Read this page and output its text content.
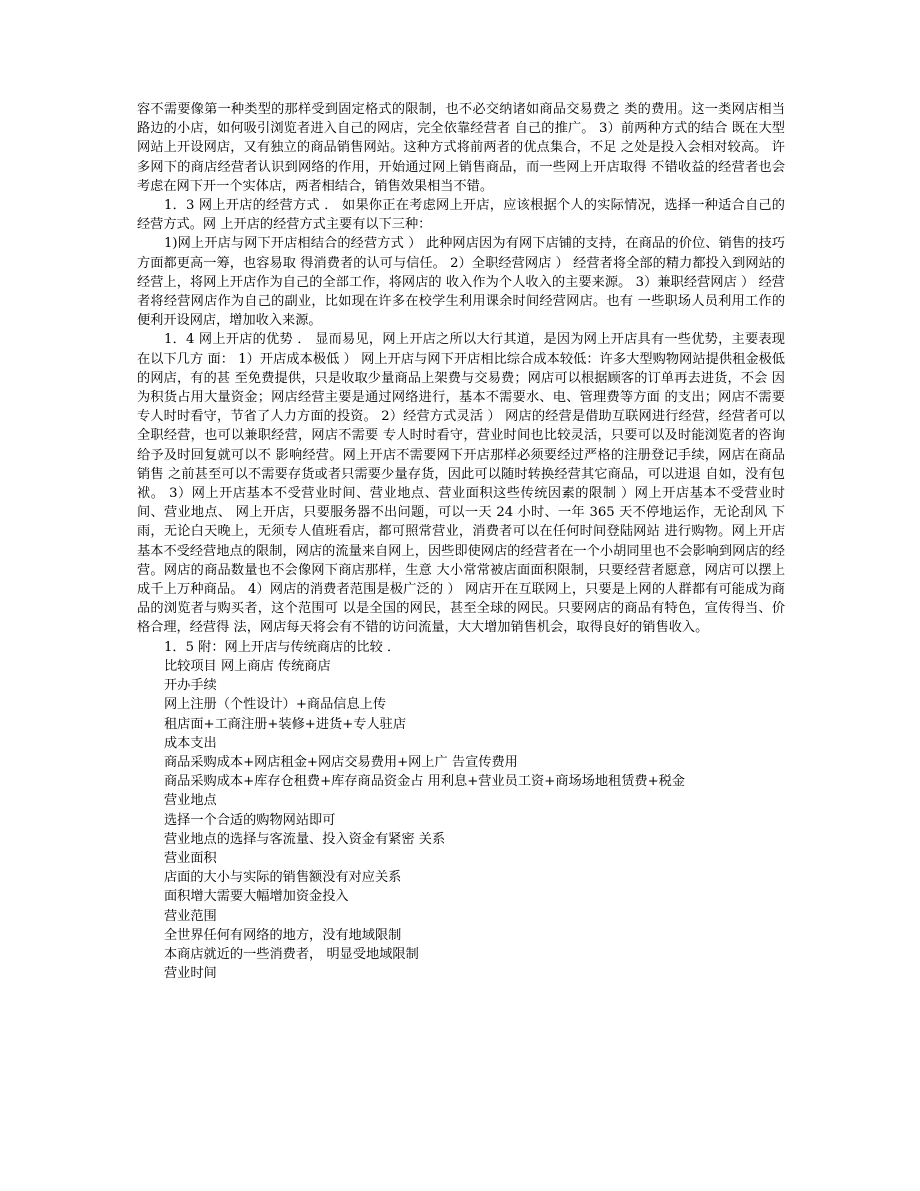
容不需要像第一种类型的那样受到固定格式的限制，也不必交纳诸如商品交易费之 类的费用。这一类网店相当路边的小店，如何吸引浏览者进入自己的网店，完全依靠经营者 自己的推广。 3）前两种方式的结合 既在大型网站上开设网店，又有独立的商品销售网站。这种方式将前两者的优点集合，不足 之处是投入会相对较高。 许多网下的商店经营者认识到网络的作用，开始通过网上销售商品，而一些网上开店取得 不错收益的经营者也会考虑在网下开一个实体店，两者相结合，销售效果相当不错。

1．3 网上开店的经营方式 ． 如果你正在考虑网上开店，应该根据个人的实际情况，选择一种适合自己的经营方式。网 上开店的经营方式主要有以下三种：

1)网上开店与网下开店相结合的经营方式 ） 此种网店因为有网下店铺的支持，在商品的价位、销售的技巧方面都更高一筹，也容易取 得消费者的认可与信任。 2）全职经营网店 ） 经营者将全部的精力都投入到网站的经营上，将网上开店作为自己的全部工作，将网店的 收入作为个人收入的主要来源。 3）兼职经营网店 ） 经营者将经营网店作为自己的副业，比如现在许多在校学生利用课余时间经营网店。也有 一些职场人员利用工作的便利开设网店，增加收入来源。

1．4 网上开店的优势 ． 显而易见，网上开店之所以大行其道，是因为网上开店具有一些优势，主要表现在以下几方 面： 1）开店成本极低 ） 网上开店与网下开店相比综合成本较低：许多大型购物网站提供租金极低的网店，有的甚 至免费提供，只是收取少量商品上架费与交易费；网店可以根据顾客的订单再去进货，不会 因为积货占用大量资金；网店经营主要是通过网络进行，基本不需要水、电、管理费等方面 的支出；网店不需要专人时时看守，节省了人力方面的投资。 2）经营方式灵活 ） 网店的经营是借助互联网进行经营，经营者可以全职经营，也可以兼职经营，网店不需要 专人时时看守，营业时间也比较灵活，只要可以及时能浏览者的咨询给予及时回复就可以不 影响经营。网上开店不需要网下开店那样必须要经过严格的注册登记手续，网店在商品销售 之前甚至可以不需要存货或者只需要少量存货，因此可以随时转换经营其它商品，可以进退 自如，没有包袱。 3）网上开店基本不受营业时间、营业地点、营业面积这些传统因素的限制 ）网上开店基本不受营业时间、营业地点、 网上开店，只要服务器不出问题，可以一天 24 小时、一年 365 天不停地运作，无论刮风 下雨，无论白天晚上，无须专人值班看店，都可照常营业，消费者可以在任何时间登陆网站 进行购物。网上开店基本不受经营地点的限制，网店的流量来自网上，因些即使网店的经营者在一个小胡同里也不会影响到网店的经营。网店的商品数量也不会像网下商店那样，生意 大小常常被店面面积限制，只要经营者愿意，网店可以摆上成千上万种商品。 4）网店的消费者范围是极广泛的 ） 网店开在互联网上，只要是上网的人群都有可能成为商品的浏览者与购买者，这个范围可 以是全国的网民，甚至全球的网民。只要网店的商品有特色，宣传得当、价格合理，经营得 法，网店每天将会有不错的访问流量，大大增加销售机会，取得良好的销售收入。

1．5 附：网上开店与传统商店的比较 ．

比较项目 网上商店 传统商店

开办手续

网上注册（个性设计）+商品信息上传

租店面+工商注册+装修+进货+专人驻店

成本支出

商品采购成本+网店租金+网店交易费用+网上广 告宣传费用

商品采购成本+库存仓租费+库存商品资金占 用利息+营业员工资+商场场地租赁费+税金

营业地点

选择一个合适的购物网站即可

营业地点的选择与客流量、投入资金有紧密 关系

营业面积

店面的大小与实际的销售额没有对应关系

面积增大需要大幅增加资金投入

营业范围

全世界任何有网络的地方，没有地域限制

本商店就近的一些消费者， 明显受地域限制

营业时间
